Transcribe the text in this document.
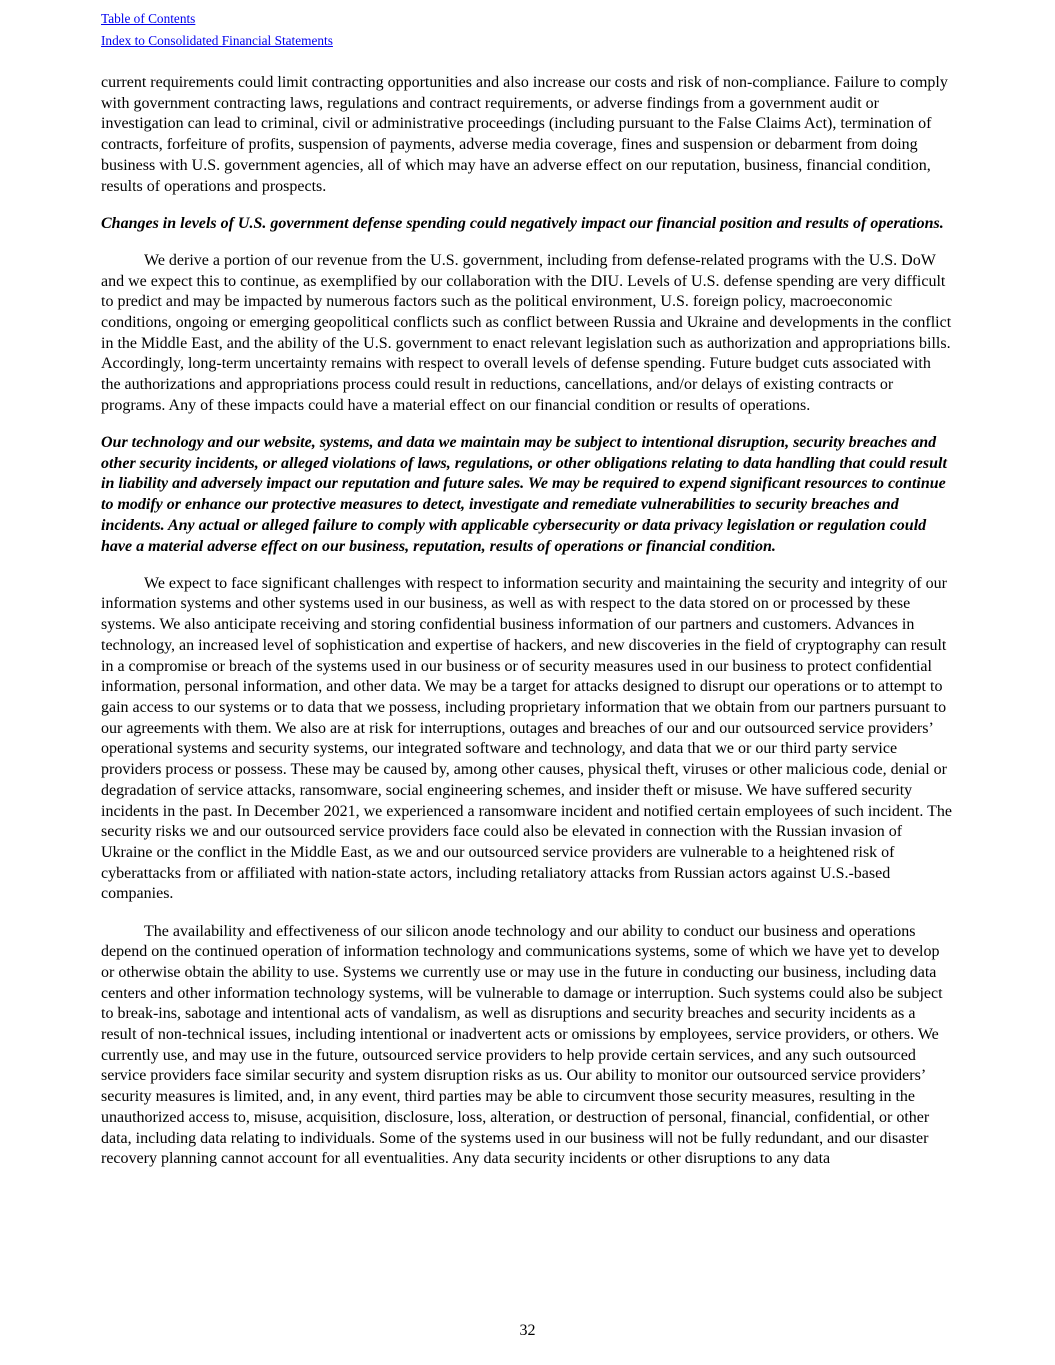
Table of Contents
Index to Consolidated Financial Statements

current requirements could limit contracting opportunities and also increase our costs and risk of non-compliance. Failure to comply with government contracting laws, regulations and contract requirements, or adverse findings from a government audit or investigation can lead to criminal, civil or administrative proceedings (including pursuant to the False Claims Act), termination of contracts, forfeiture of profits, suspension of payments, adverse media coverage, fines and suspension or debarment from doing business with U.S. government agencies, all of which may have an adverse effect on our reputation, business, financial condition, results of operations and prospects.

Changes in levels of U.S. government defense spending could negatively impact our financial position and results of operations.

We derive a portion of our revenue from the U.S. government, including from defense-related programs with the U.S. DoW and we expect this to continue, as exemplified by our collaboration with the DIU. Levels of U.S. defense spending are very difficult to predict and may be impacted by numerous factors such as the political environment, U.S. foreign policy, macroeconomic conditions, ongoing or emerging geopolitical conflicts such as conflict between Russia and Ukraine and developments in the conflict in the Middle East, and the ability of the U.S. government to enact relevant legislation such as authorization and appropriations bills. Accordingly, long-term uncertainty remains with respect to overall levels of defense spending. Future budget cuts associated with the authorizations and appropriations process could result in reductions, cancellations, and/or delays of existing contracts or programs. Any of these impacts could have a material effect on our financial condition or results of operations.

Our technology and our website, systems, and data we maintain may be subject to intentional disruption, security breaches and other security incidents, or alleged violations of laws, regulations, or other obligations relating to data handling that could result in liability and adversely impact our reputation and future sales. We may be required to expend significant resources to continue to modify or enhance our protective measures to detect, investigate and remediate vulnerabilities to security breaches and incidents. Any actual or alleged failure to comply with applicable cybersecurity or data privacy legislation or regulation could have a material adverse effect on our business, reputation, results of operations or financial condition.

We expect to face significant challenges with respect to information security and maintaining the security and integrity of our information systems and other systems used in our business, as well as with respect to the data stored on or processed by these systems. We also anticipate receiving and storing confidential business information of our partners and customers. Advances in technology, an increased level of sophistication and expertise of hackers, and new discoveries in the field of cryptography can result in a compromise or breach of the systems used in our business or of security measures used in our business to protect confidential information, personal information, and other data. We may be a target for attacks designed to disrupt our operations or to attempt to gain access to our systems or to data that we possess, including proprietary information that we obtain from our partners pursuant to our agreements with them. We also are at risk for interruptions, outages and breaches of our and our outsourced service providers’ operational systems and security systems, our integrated software and technology, and data that we or our third party service providers process or possess. These may be caused by, among other causes, physical theft, viruses or other malicious code, denial or degradation of service attacks, ransomware, social engineering schemes, and insider theft or misuse. We have suffered security incidents in the past. In December 2021, we experienced a ransomware incident and notified certain employees of such incident. The security risks we and our outsourced service providers face could also be elevated in connection with the Russian invasion of Ukraine or the conflict in the Middle East, as we and our outsourced service providers are vulnerable to a heightened risk of cyberattacks from or affiliated with nation-state actors, including retaliatory attacks from Russian actors against U.S.-based companies.

The availability and effectiveness of our silicon anode technology and our ability to conduct our business and operations depend on the continued operation of information technology and communications systems, some of which we have yet to develop or otherwise obtain the ability to use. Systems we currently use or may use in the future in conducting our business, including data centers and other information technology systems, will be vulnerable to damage or interruption. Such systems could also be subject to break-ins, sabotage and intentional acts of vandalism, as well as disruptions and security breaches and security incidents as a result of non-technical issues, including intentional or inadvertent acts or omissions by employees, service providers, or others. We currently use, and may use in the future, outsourced service providers to help provide certain services, and any such outsourced service providers face similar security and system disruption risks as us. Our ability to monitor our outsourced service providers’ security measures is limited, and, in any event, third parties may be able to circumvent those security measures, resulting in the unauthorized access to, misuse, acquisition, disclosure, loss, alteration, or destruction of personal, financial, confidential, or other data, including data relating to individuals. Some of the systems used in our business will not be fully redundant, and our disaster recovery planning cannot account for all eventualities. Any data security incidents or other disruptions to any data

32
